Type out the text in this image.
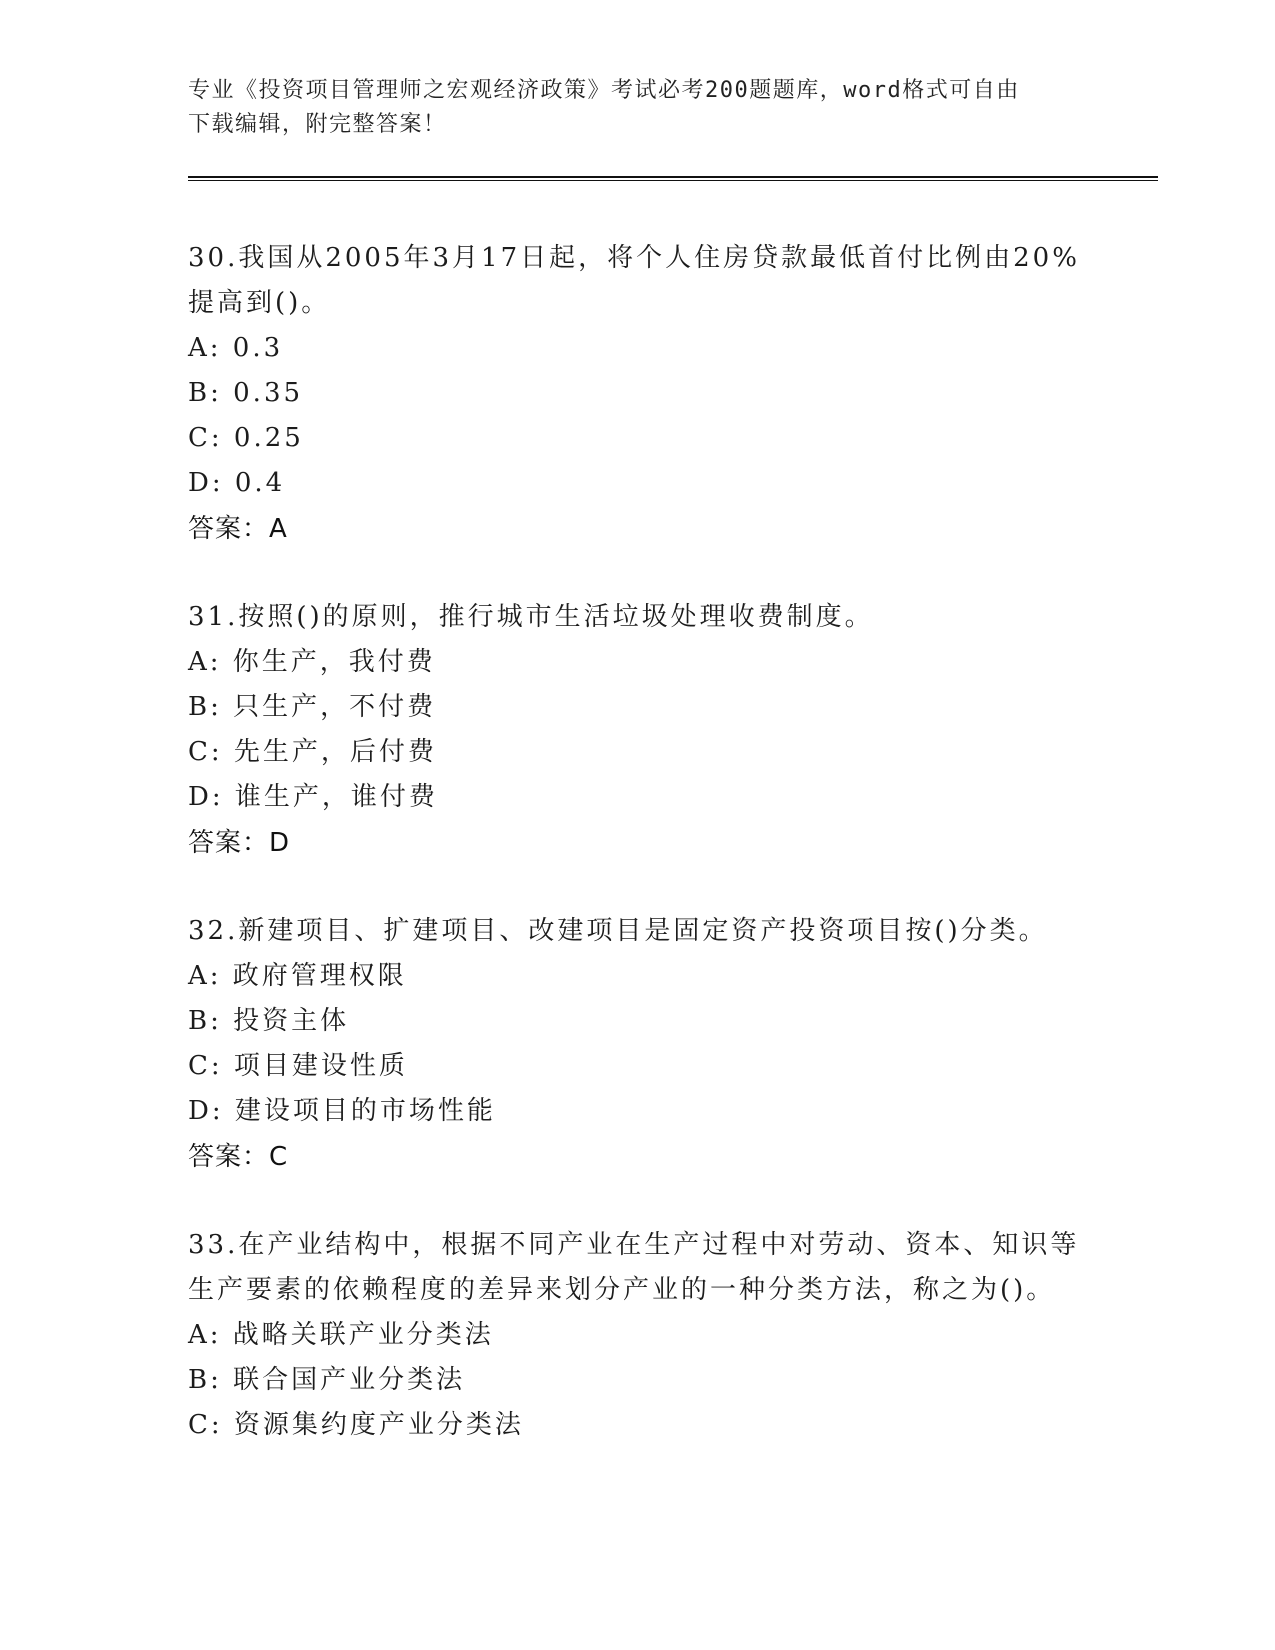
专业《投资项目管理师之宏观经济政策》考试必考200题题库，word格式可自由
下载编辑，附完整答案！
30.我国从2005年3月17日起，将个人住房贷款最低首付比例由20%
提高到()。
A: 0.3
B: 0.35
C: 0.25
D: 0.4
答案：A
31.按照()的原则，推行城市生活垃圾处理收费制度。
A: 你生产，我付费
B: 只生产，不付费
C: 先生产，后付费
D: 谁生产，谁付费
答案：D
32.新建项目、扩建项目、改建项目是固定资产投资项目按()分类。
A: 政府管理权限
B: 投资主体
C: 项目建设性质
D: 建设项目的市场性能
答案：C
33.在产业结构中，根据不同产业在生产过程中对劳动、资本、知识等
生产要素的依赖程度的差异来划分产业的一种分类方法，称之为()。
A: 战略关联产业分类法
B: 联合国产业分类法
C: 资源集约度产业分类法
